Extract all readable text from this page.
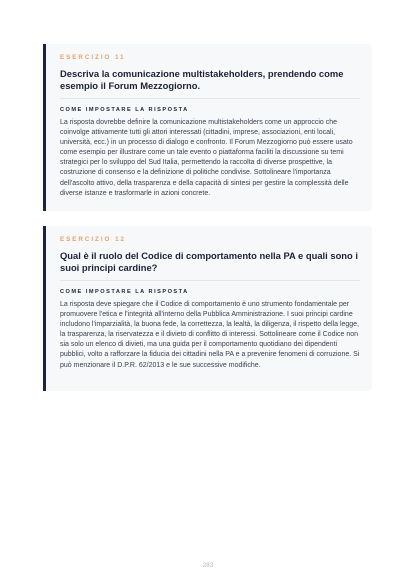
ESERCIZIO 11
Descriva la comunicazione multistakeholders, prendendo come esempio il Forum Mezzogiorno.
COME IMPOSTARE LA RISPOSTA
La risposta dovrebbe definire la comunicazione multistakeholders come un approccio che coinvolge attivamente tutti gli attori interessati (cittadini, imprese, associazioni, enti locali, università, ecc.) in un processo di dialogo e confronto. Il Forum Mezzogiorno può essere usato come esempio per illustrare come un tale evento o piattaforma faciliti la discussione su temi strategici per lo sviluppo del Sud Italia, permettendo la raccolta di diverse prospettive, la costruzione di consenso e la definizione di politiche condivise. Sottolineare l'importanza dell'ascolto attivo, della trasparenza e della capacità di sintesi per gestire la complessità delle diverse istanze e trasformarle in azioni concrete.
ESERCIZIO 12
Qual è il ruolo del Codice di comportamento nella PA e quali sono i suoi principi cardine?
COME IMPOSTARE LA RISPOSTA
La risposta deve spiegare che il Codice di comportamento è uno strumento fondamentale per promuovere l'etica e l'integrità all'interno della Pubblica Amministrazione. I suoi principi cardine includono l'imparzialità, la buona fede, la correttezza, la lealtà, la diligenza, il rispetto della legge, la trasparenza, la riservatezza e il divieto di conflitto di interessi. Sottolineare come il Codice non sia solo un elenco di divieti, ma una guida per il comportamento quotidiano dei dipendenti pubblici, volto a rafforzare la fiducia dei cittadini nella PA e a prevenire fenomeni di corruzione. Si può menzionare il D.P.R. 62/2013 e le sue successive modifiche.
283
